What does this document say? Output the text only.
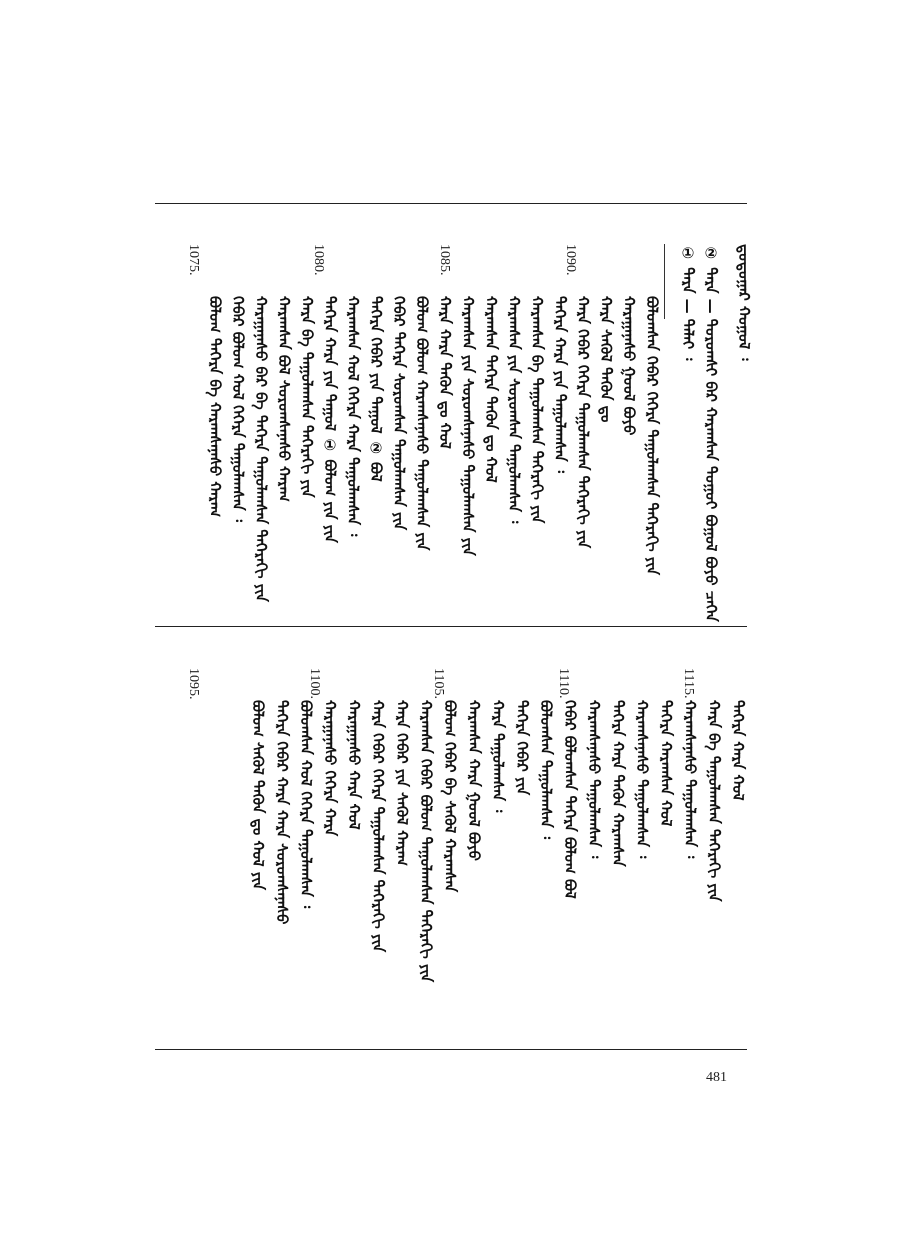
481
ᠳ᠋ᠤᠲᠤᠭᠠᠷ ᠬᠤᠭᠤᠯ ᠄
② ᠳᠡᠷᠡ — ᠳᠣᠷᠣᠭᠰᠢ ᠪᠡᠷ ᠬᠠᠷᠠᠭᠰᠠᠨ ᠳᠤᠭᠤᠢ ᠪᠣᠭᠤᠯ ᠪᠤᠶᠤ ᠴᠡᠭᠡᠨ
① ᠳᠡᠷᠡ — ᠳᠡᠯᠡᠢ ᠄
ᠪᠣᠯᠤᠭᠰᠠᠨ ᠬᠡᠪᠡᠷ ᠬᠡᠭᠡᠷᠡ ᠳᠠᠭᠤᠯᠠᠭᠰᠠᠨ ᠳᠡᠭᠡᠷᠡᠬᠢ ᠶᠢᠨ
ᠬᠠᠷᠠᠭᠠᠨᠠᠰᠤ ᠭᠤᠤᠯ ᠪᠤᠶᠤ
ᠬᠠᠷᠠ ᠰᠡᠭᠦᠯ ᠲᠡᠭᠦᠨ ᠳᠤ
ᠬᠠᠷᠠ ᠬᠡᠪᠡᠷ ᠬᠡᠭᠡᠷᠡ ᠳᠠᠭᠤᠯᠠᠭᠰᠠᠨ ᠳᠡᠭᠡᠷᠡᠬᠢ ᠶᠢᠨ
ᠳᠡᠭᠡᠷᠡ ᠬᠠᠷᠠ ᠶᠢᠨ ᠳᠠᠭᠤᠯᠠᠭᠰᠠᠨ ᠄
ᠬᠠᠷᠠᠭᠰᠠᠨ ᠪᠠ ᠳᠠᠭᠤᠯᠠᠭᠰᠠᠨ ᠳᠡᠭᠡᠷᠡᠬᠢ ᠶᠢᠨ
ᠬᠠᠷᠠᠭᠰᠠᠨ ᠶᠢᠨ ᠰᠤᠷᠤᠭᠰᠠᠨ ᠳᠠᠭᠤᠯᠠᠭᠰᠠᠨ ᠄
ᠬᠠᠷᠠᠭᠰᠠᠨ ᠳᠡᠭᠡᠷᠡ ᠲᠡᠭᠦᠨ ᠳᠤ ᠬᠤᠯ
ᠬᠠᠷᠠᠭᠰᠠᠨ ᠶᠢᠨ ᠰᠤᠷᠤᠭᠰᠠᠨᠠᠰᠤ ᠳᠠᠭᠤᠯᠠᠭᠰᠠᠨ ᠶᠢᠨ
ᠬᠠᠷᠠ ᠬᠠᠷᠠ ᠲᠡᠭᠦᠨ ᠳᠤ ᠬᠤᠯ
ᠪᠣᠯᠤᠭ ᠪᠣᠯᠤᠭ ᠬᠠᠷᠠᠭᠰᠠᠨᠠᠰᠤ ᠳᠠᠭᠤᠯᠠᠭᠰᠠᠨ ᠶᠢᠨ
ᠬᠡᠪᠡᠷ ᠳᠡᠭᠡᠷᠡ ᠰᠤᠷᠤᠭᠰᠠᠨ ᠳᠠᠭᠤᠯᠠᠭᠰᠠᠨ ᠶᠢᠨ
ᠳᠡᠭᠡᠷᠡ ᠬᠡᠪᠡᠷ ᠶᠢᠨ ᠳᠠᠭᠤᠯ ② ᠪᠣᠯ
ᠬᠠᠷᠠᠭᠰᠠᠨ ᠬᠤᠯ ᠬᠡᠭᠡᠷᠡ ᠬᠠᠷᠠ ᠳᠠᠭᠤᠯᠠᠭᠰᠠᠨ ᠄
ᠳᠡᠭᠡᠷᠡ ᠬᠠᠷᠠ ᠶᠢᠨ ᠳᠠᠭᠤᠯ ① ᠪᠣᠯᠤᠭ ᠶᠢᠨ ᠶᠢᠨ
ᠬᠠᠷᠠ ᠪᠠ ᠳᠠᠭᠤᠯᠠᠭᠰᠠᠨ ᠳᠡᠭᠡᠷᠡᠬᠢ ᠶᠢᠨ
ᠬᠠᠷᠠᠭᠰᠠᠨ ᠪᠣᠯ ᠰᠤᠷᠤᠭᠰᠠᠨᠠᠰᠤ ᠬᠠᠷᠠᠭ
ᠬᠠᠷᠠᠭᠠᠨᠠᠰᠤ ᠪᠠᠷ ᠪᠠ ᠳᠡᠭᠡᠷᠡ ᠳᠠᠭᠤᠯᠠᠭᠰᠠᠨ ᠳᠡᠭᠡᠷᠡᠬᠢ ᠶᠢᠨ
ᠬᠡᠪᠡᠷ ᠪᠣᠯᠤᠭ ᠬᠤᠯ ᠬᠡᠭᠡᠷᠡ ᠳᠠᠭᠤᠯᠠᠭᠰᠠᠨ ᠄
ᠪᠣᠯᠤᠭ ᠳᠡᠭᠡᠷᠡ ᠪᠠ ᠬᠠᠷᠠᠭᠰᠠᠨᠠᠰᠤ ᠬᠠᠷᠠᠭ
ᠳᠡᠭᠡᠷᠡ ᠬᠠᠷᠠ ᠬᠤᠯ
ᠬᠠᠷᠠ ᠪᠠ ᠳᠠᠭᠤᠯᠠᠭᠰᠠᠨ ᠳᠡᠭᠡᠷᠡᠬᠢ ᠶᠢᠨ
ᠬᠠᠷᠠᠭᠰᠠᠨᠠᠰᠤ ᠳᠠᠭᠤᠯᠠᠭᠰᠠᠨ ᠄
ᠳᠡᠭᠡᠷᠡ ᠬᠠᠷᠠᠭᠰᠠᠨ ᠬᠤᠯ
ᠬᠠᠷᠠᠭᠰᠠᠨᠠᠰᠤ ᠳᠠᠭᠤᠯᠠᠭᠰᠠᠨ ᠄
ᠳᠡᠭᠡᠷᠡ ᠬᠠᠷᠠ ᠲᠡᠭᠦᠨ ᠬᠠᠷᠠᠭᠰᠠᠨ
ᠬᠠᠷᠠᠭᠰᠠᠨᠠᠰᠤ ᠳᠠᠭᠤᠯᠠᠭᠰᠠᠨ ᠄
ᠬᠡᠪᠡᠷ ᠪᠣᠯᠤᠭᠰᠠᠨ ᠳᠡᠭᠡᠷᠡ ᠪᠣᠯᠤᠭ ᠪᠣᠯ
ᠪᠣᠯᠤᠭᠰᠠᠨ ᠳᠠᠭᠤᠯᠠᠭᠰᠠᠨ ᠄
ᠳᠡᠭᠡᠷᠡ ᠬᠡᠪᠡᠷ ᠶᠢᠨ
ᠬᠠᠷᠠ ᠳᠠᠭᠤᠯᠠᠭᠰᠠᠨ ᠄
ᠬᠠᠷᠠᠭᠰᠠᠨ ᠬᠠᠷᠠ ᠭᠤᠤᠯ ᠪᠤᠶᠤ
ᠪᠣᠯᠤᠭ ᠬᠡᠪᠡᠷ ᠪᠠ ᠰᠡᠭᠦᠯ ᠬᠠᠷᠠᠭᠰᠠᠨ
ᠬᠠᠷᠠᠭᠰᠠᠨ ᠬᠡᠪᠡᠷ ᠪᠣᠯᠤᠭ ᠳᠠᠭᠤᠯᠠᠭᠰᠠᠨ ᠳᠡᠭᠡᠷᠡᠬᠢ ᠶᠢᠨ
ᠬᠠᠷᠠ ᠬᠡᠪᠡᠷ ᠶᠢᠨ ᠰᠡᠭᠦᠯ ᠬᠠᠷᠠᠭ
ᠬᠠᠷᠠ ᠬᠡᠪᠡᠷ ᠬᠡᠭᠡᠷᠡ ᠳᠠᠭᠤᠯᠠᠭᠰᠠᠨ ᠳᠡᠭᠡᠷᠡᠬᠢ ᠶᠢᠨ
ᠬᠠᠷᠠᠭᠠᠨᠠᠰᠤ ᠬᠠᠷᠠ ᠬᠤᠯ
ᠬᠠᠷᠠᠭᠠᠨᠠᠰᠤ ᠬᠡᠭᠡᠷᠡ ᠬᠠᠷᠠ
ᠪᠣᠯᠤᠭᠰᠠᠨ ᠬᠤᠯ ᠬᠡᠭᠡᠷᠡ ᠳᠠᠭᠤᠯᠠᠭᠰᠠᠨ ᠄
ᠳᠡᠭᠡᠷᠡ ᠬᠡᠪᠡᠷ ᠬᠠᠷᠠ ᠬᠠᠷᠠ ᠰᠤᠷᠤᠭᠰᠠᠨᠠᠰᠤ
ᠪᠣᠯᠤᠭ ᠰᠡᠭᠦᠯ ᠲᠡᠭᠦᠨ ᠳᠤ ᠬᠤᠯ ᠶᠢᠨ
1090.
1085.
1080.
1075.
1115.
1110.
1105.
1100.
1095.
